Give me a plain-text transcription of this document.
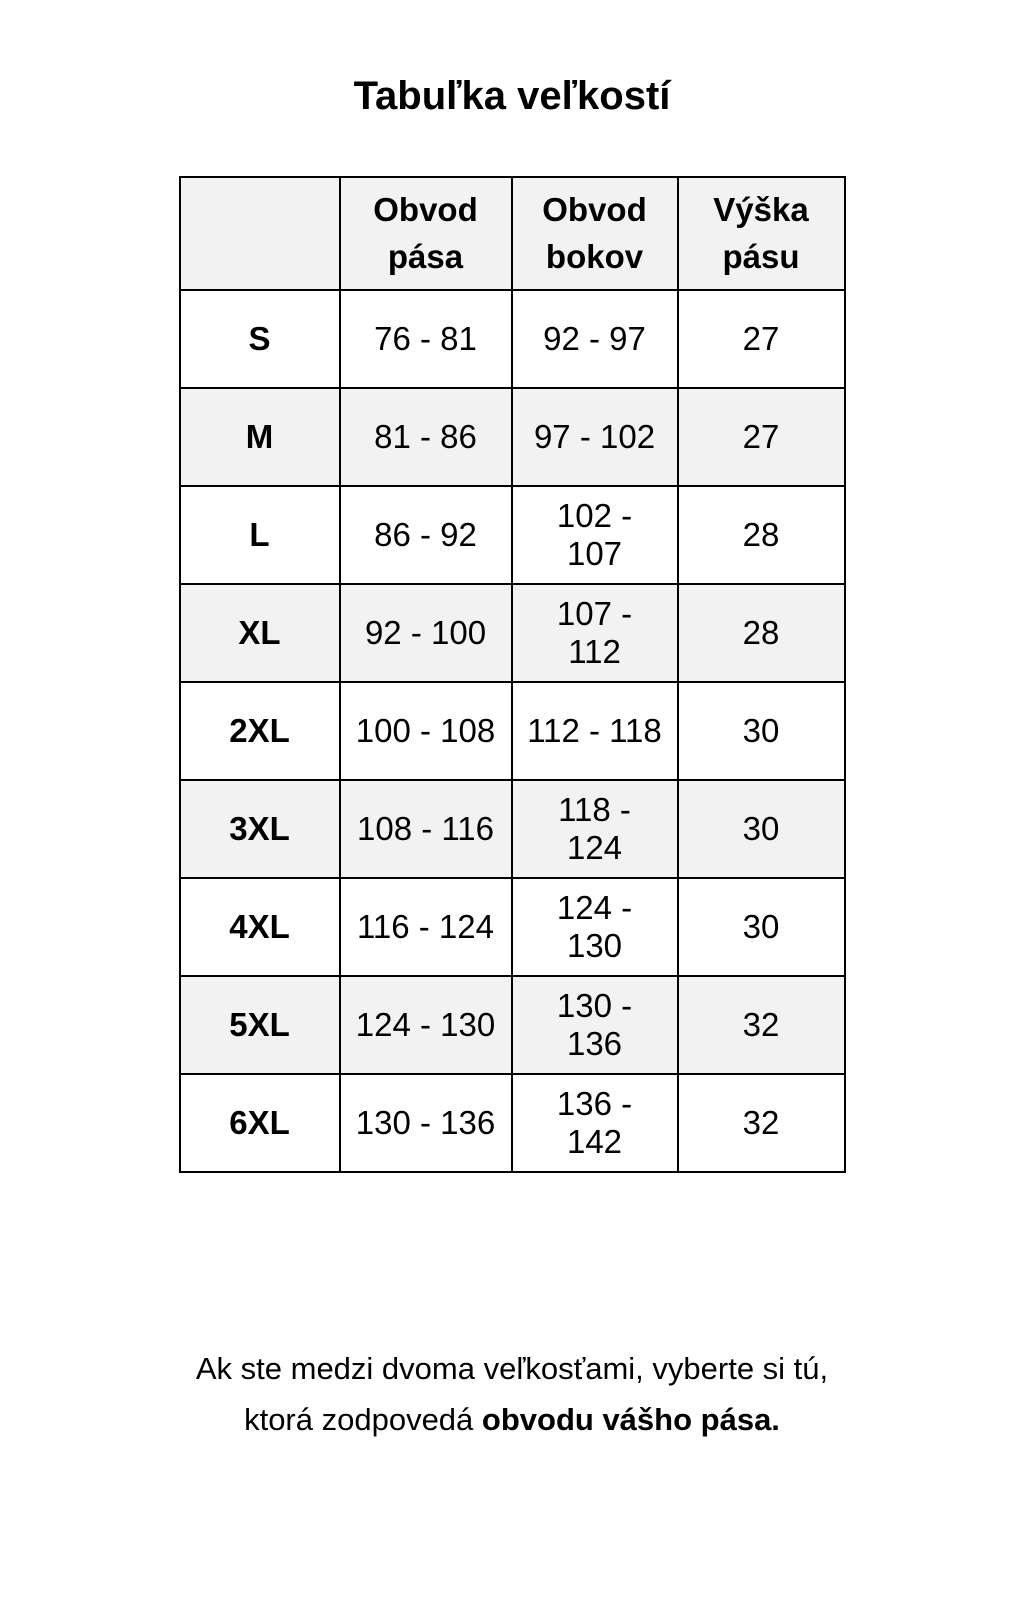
Tabuľka veľkostí
	Obvod pása	Obvod bokov	Výška pásu
S	76 - 81	92 - 97	27
M	81 - 86	97 - 102	27
L	86 - 92	102 - 107	28
XL	92 - 100	107 - 112	28
2XL	100 - 108	112 - 118	30
3XL	108 - 116	118 - 124	30
4XL	116 - 124	124 - 130	30
5XL	124 - 130	130 - 136	32
6XL	130 - 136	136 - 142	32

Ak ste medzi dvoma veľkosťami, vyberte si tú,
ktorá zodpovedá obvodu vášho pása.
